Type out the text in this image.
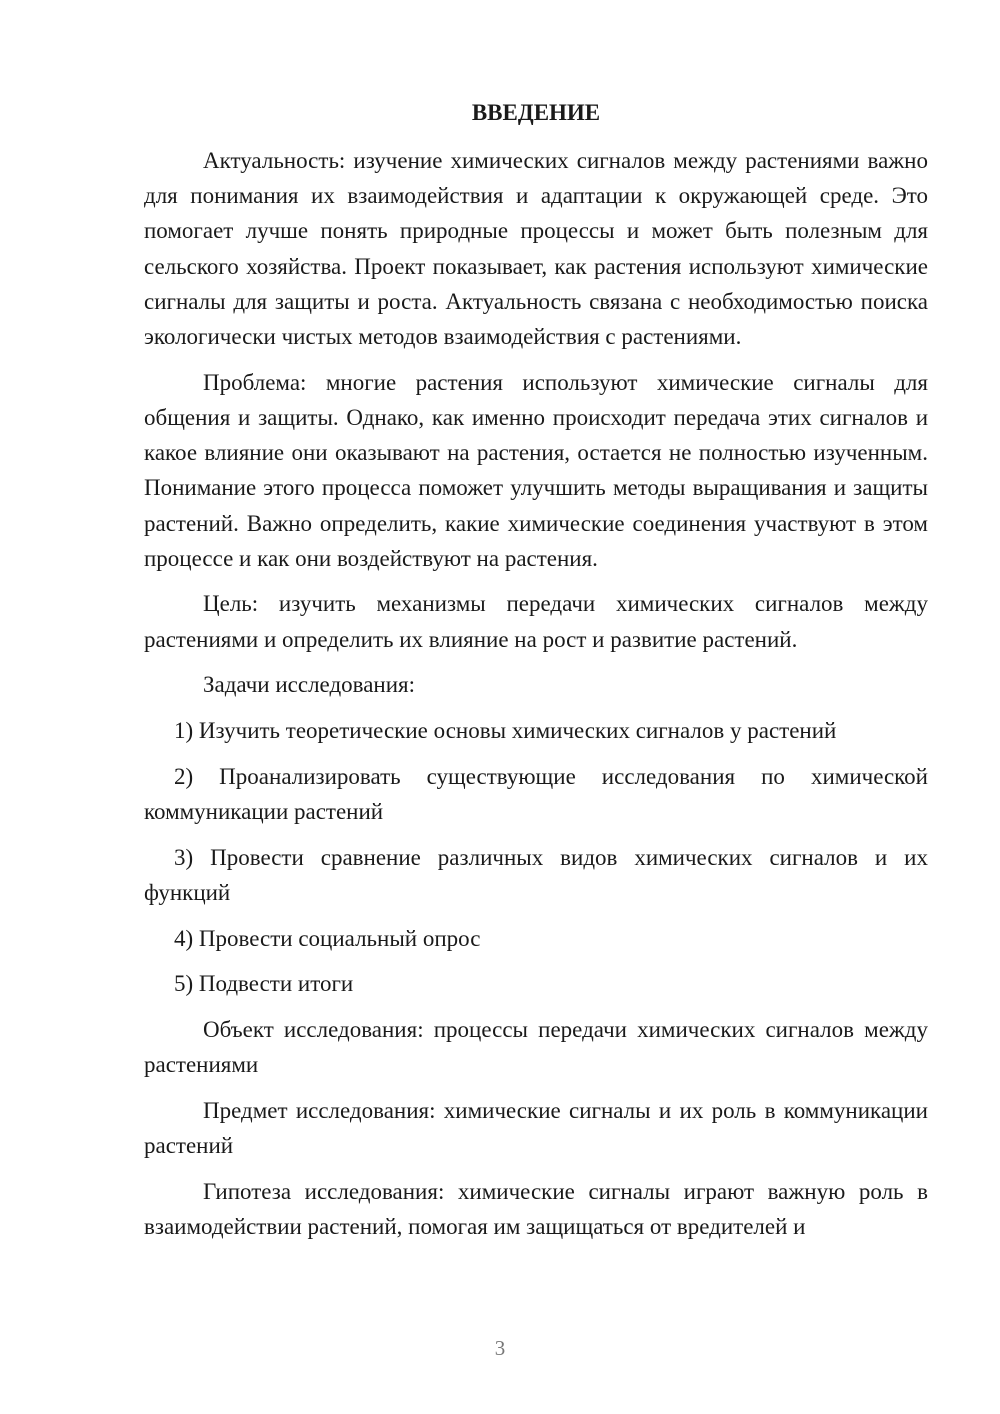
ВВЕДЕНИЕ

Актуальность: изучение химических сигналов между растениями важно для понимания их взаимодействия и адаптации к окружающей среде. Это помогает лучше понять природные процессы и может быть полезным для сельского хозяйства. Проект показывает, как растения используют химические сигналы для защиты и роста. Актуальность связана с необходимостью поиска экологически чистых методов взаимодействия с растениями.

Проблема: многие растения используют химические сигналы для общения и защиты. Однако, как именно происходит передача этих сигналов и какое влияние они оказывают на растения, остается не полностью изученным. Понимание этого процесса поможет улучшить методы выращивания и защиты растений. Важно определить, какие химические соединения участвуют в этом процессе и как они воздействуют на растения.

Цель: изучить механизмы передачи химических сигналов между растениями и определить их влияние на рост и развитие растений.

Задачи исследования:

1) Изучить теоретические основы химических сигналов у растений

2) Проанализировать существующие исследования по химической коммуникации растений

3) Провести сравнение различных видов химических сигналов и их функций

4) Провести социальный опрос

5) Подвести итоги

Объект исследования: процессы передачи химических сигналов между растениями

Предмет исследования: химические сигналы и их роль в коммуникации растений

Гипотеза исследования: химические сигналы играют важную роль в взаимодействии растений, помогая им защищаться от вредителей и

3
